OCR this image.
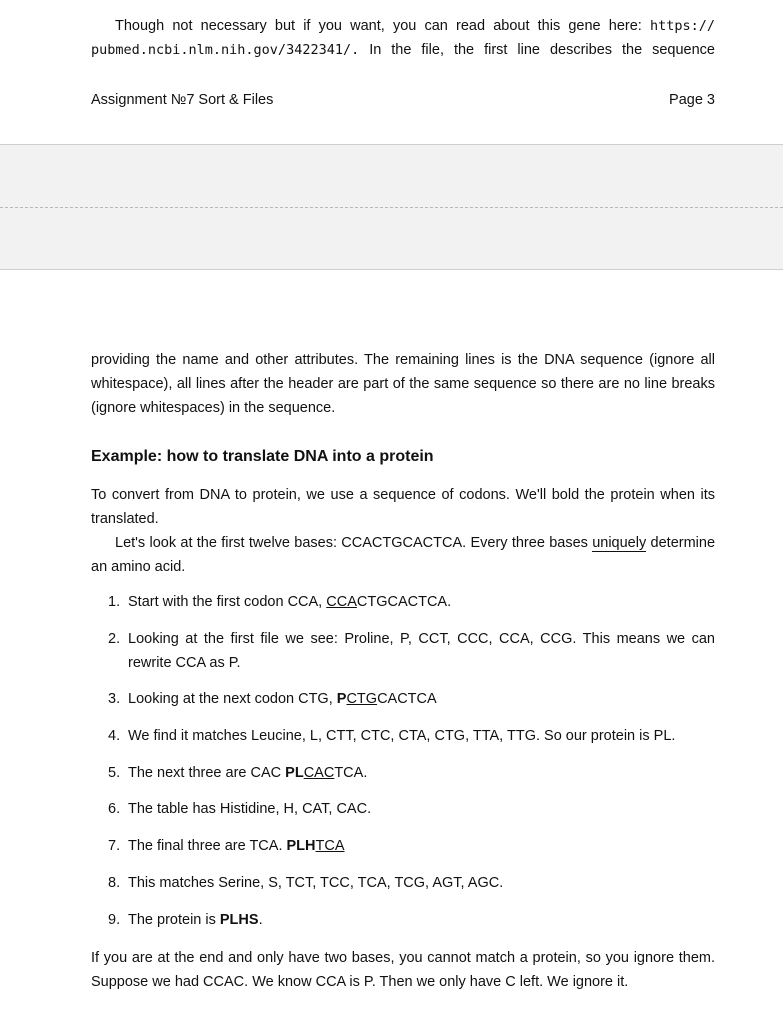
Though not necessary but if you want, you can read about this gene here: https://
pubmed.ncbi.nlm.nih.gov/3422341/. In the file, the first line describes the sequence
Assignment №7 Sort & Files	Page 3
providing the name and other attributes. The remaining lines is the DNA sequence (ignore all
whitespace), all lines after the header are part of the same sequence so there are no line breaks
(ignore whitespaces) in the sequence.
Example: how to translate DNA into a protein
To convert from DNA to protein, we use a sequence of codons. We'll bold the protein when its
translated.
Let's look at the first twelve bases: CCACTGCACTCA. Every three bases uniquely determine
an amino acid.
1. Start with the first codon CCA, CCACTGCACTCA.
2. Looking at the first file we see: Proline, P, CCT, CCC, CCA, CCG. This means we can
rewrite CCA as P.
3. Looking at the next codon CTG, PCTGCACTCA
4. We find it matches Leucine, L, CTT, CTC, CTA, CTG, TTA, TTG. So our protein is PL.
5. The next three are CAC PLCACTCA.
6. The table has Histidine, H, CAT, CAC.
7. The final three are TCA. PLHTCA
8. This matches Serine, S, TCT, TCC, TCA, TCG, AGT, AGC.
9. The protein is PLHS.
If you are at the end and only have two bases, you cannot match a protein, so you ignore them.
Suppose we had CCAC. We know CCA is P. Then we only have C left. We ignore it.
